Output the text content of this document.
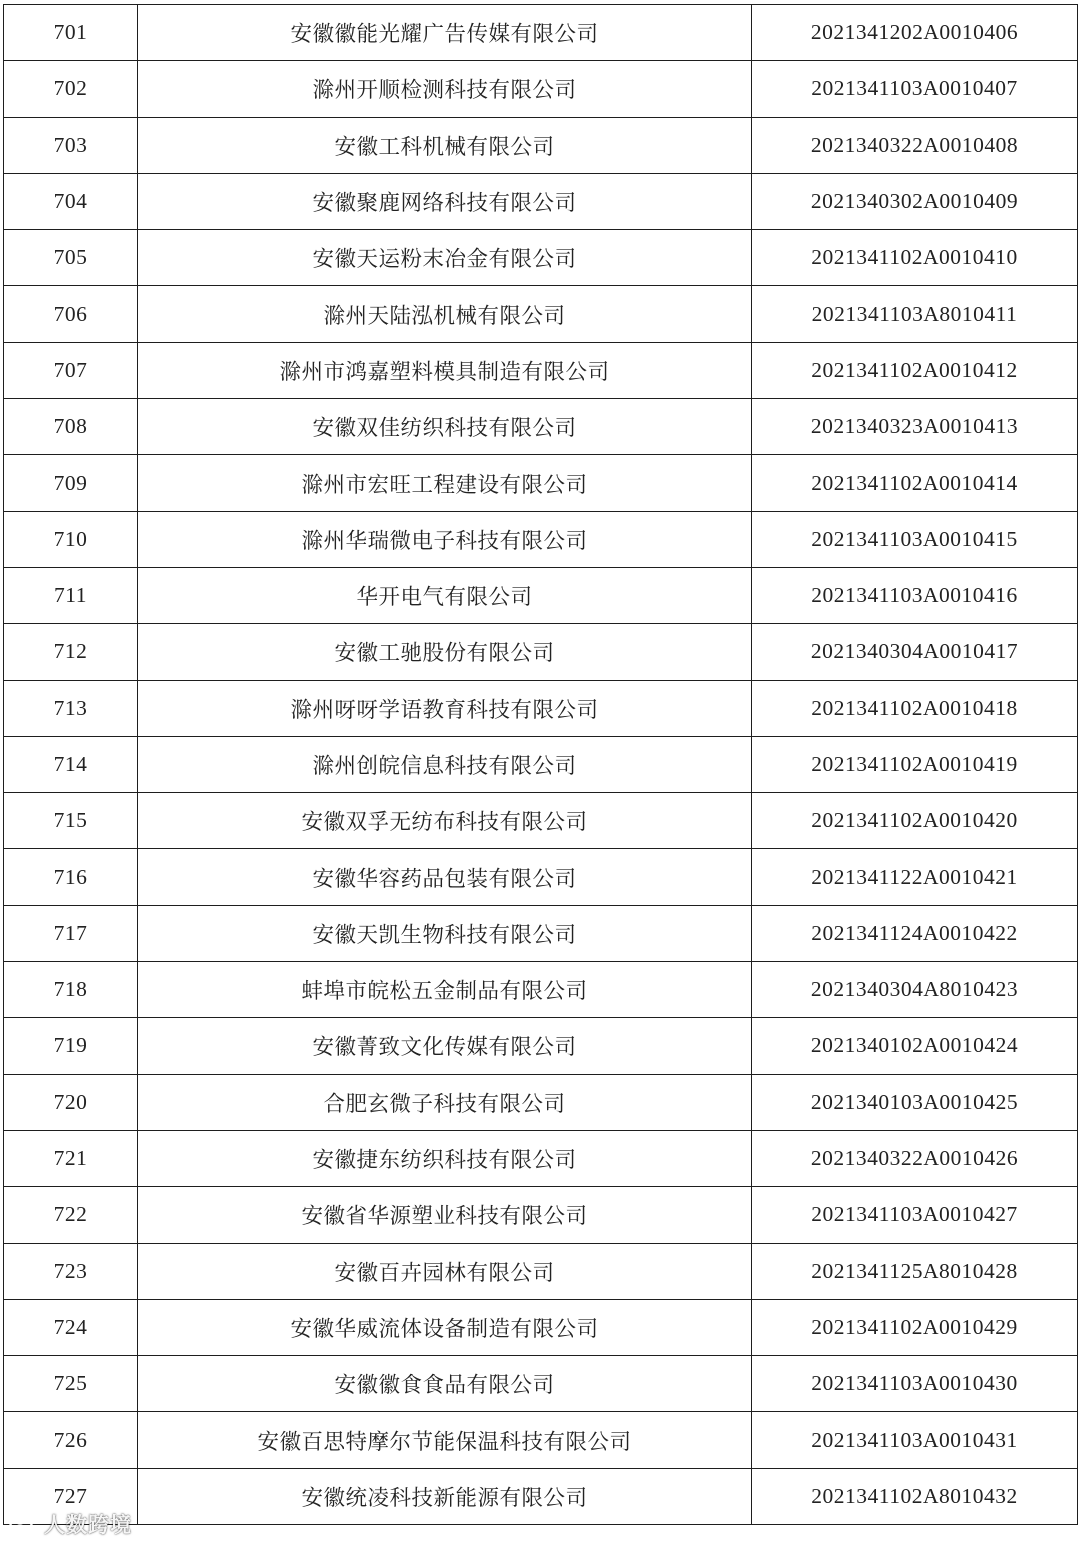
701	安徽徽能光耀广告传媒有限公司	2021341202A0010406
702	滁州开顺检测科技有限公司	2021341103A0010407
703	安徽工科机械有限公司	2021340322A0010408
704	安徽聚鹿网络科技有限公司	2021340302A0010409
705	安徽天运粉末冶金有限公司	2021341102A0010410
706	滁州天陆泓机械有限公司	2021341103A8010411
707	滁州市鸿嘉塑料模具制造有限公司	2021341102A0010412
708	安徽双佳纺织科技有限公司	2021340323A0010413
709	滁州市宏旺工程建设有限公司	2021341102A0010414
710	滁州华瑞微电子科技有限公司	2021341103A0010415
711	华开电气有限公司	2021341103A0010416
712	安徽工驰股份有限公司	2021340304A0010417
713	滁州呀呀学语教育科技有限公司	2021341102A0010418
714	滁州创皖信息科技有限公司	2021341102A0010419
715	安徽双孚无纺布科技有限公司	2021341102A0010420
716	安徽华容药品包装有限公司	2021341122A0010421
717	安徽天凯生物科技有限公司	2021341124A0010422
718	蚌埠市皖松五金制品有限公司	2021340304A8010423
719	安徽菁致文化传媒有限公司	2021340102A0010424
720	合肥玄微子科技有限公司	2021340103A0010425
721	安徽捷东纺织科技有限公司	2021340322A0010426
722	安徽省华源塑业科技有限公司	2021341103A0010427
723	安徽百卉园林有限公司	2021341125A8010428
724	安徽华威流体设备制造有限公司	2021341102A0010429
725	安徽徽食食品有限公司	2021341103A0010430
726	安徽百思特摩尔节能保温科技有限公司	2021341103A0010431
727	安徽统凌科技新能源有限公司	2021341102A8010432
人数跨境
